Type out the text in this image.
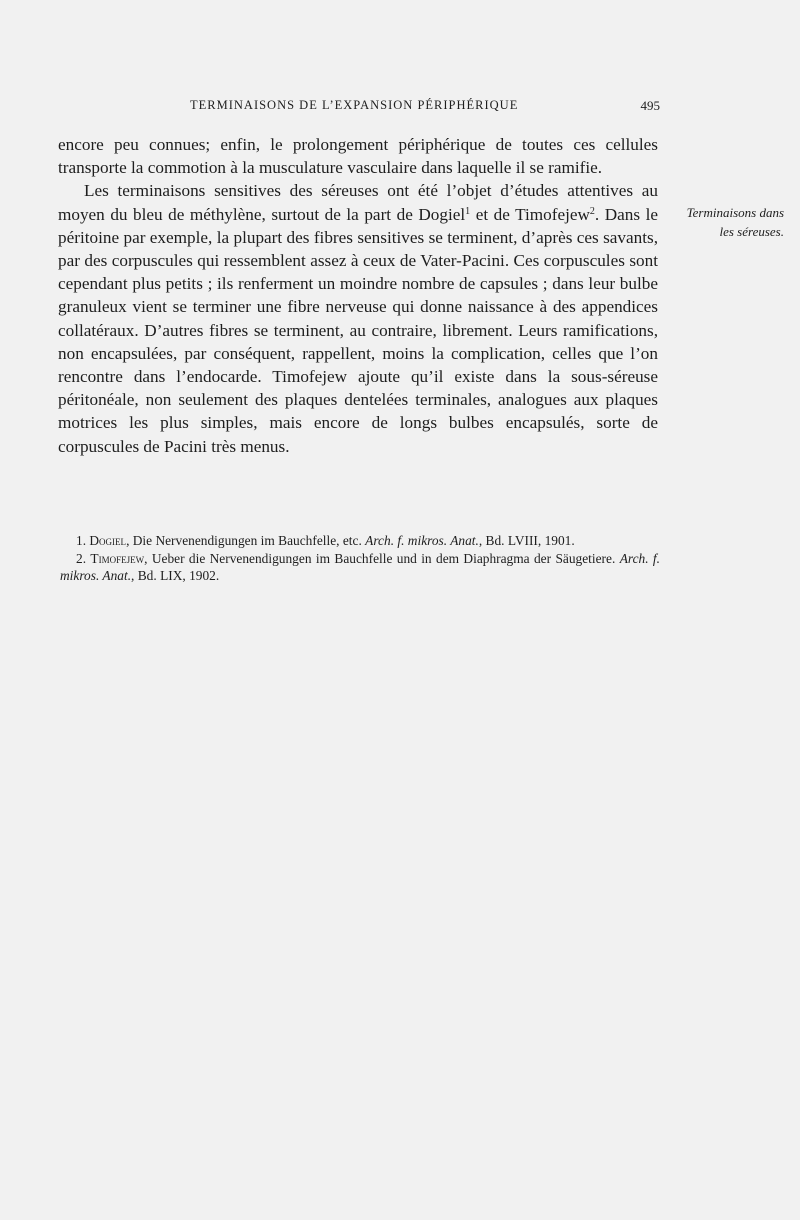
TERMINAISONS DE L’EXPANSION PÉRIPHÉRIQUE	495

encore peu connues; enfin, le prolongement périphérique de toutes ces cellules transporte la commotion à la musculature vasculaire dans laquelle il se ramifie.

Les terminaisons sensitives des séreuses ont été l’objet d’études attentives au moyen du bleu de méthylène, surtout de la part de Dogiel$^1$ et de Timofejew$^2$. Dans le péritoine par exemple, la plupart des fibres sensitives se terminent, d’après ces savants, par des corpuscules qui ressemblent assez à ceux de Vater-Pacini. Ces corpuscules sont cependant plus petits ; ils renferment un moindre nombre de capsules ; dans leur bulbe granuleux vient se terminer une fibre nerveuse qui donne naissance à des appendices collatéraux. D’autres fibres se terminent, au contraire, librement. Leurs ramifications, non encapsulées, par conséquent, rappellent, moins la complication, celles que l’on rencontre dans l’endocarde. Timofejew ajoute qu’il existe dans la sous-séreuse péritonéale, non seulement des plaques dentelées terminales, analogues aux plaques motrices les plus simples, mais encore de longs bulbes encapsulés, sorte de corpuscules de Pacini très menus.

Terminaisons dans les séreuses.

1. Dogiel, Die Nervenendigungen im Bauchfelle, etc. Arch. f. mikros. Anat., Bd. LVIII, 1901.

2. Timofejew, Ueber die Nervenendigungen im Bauchfelle und in dem Diaphragma der Säugetiere. Arch. f. mikros. Anat., Bd. LIX, 1902.
